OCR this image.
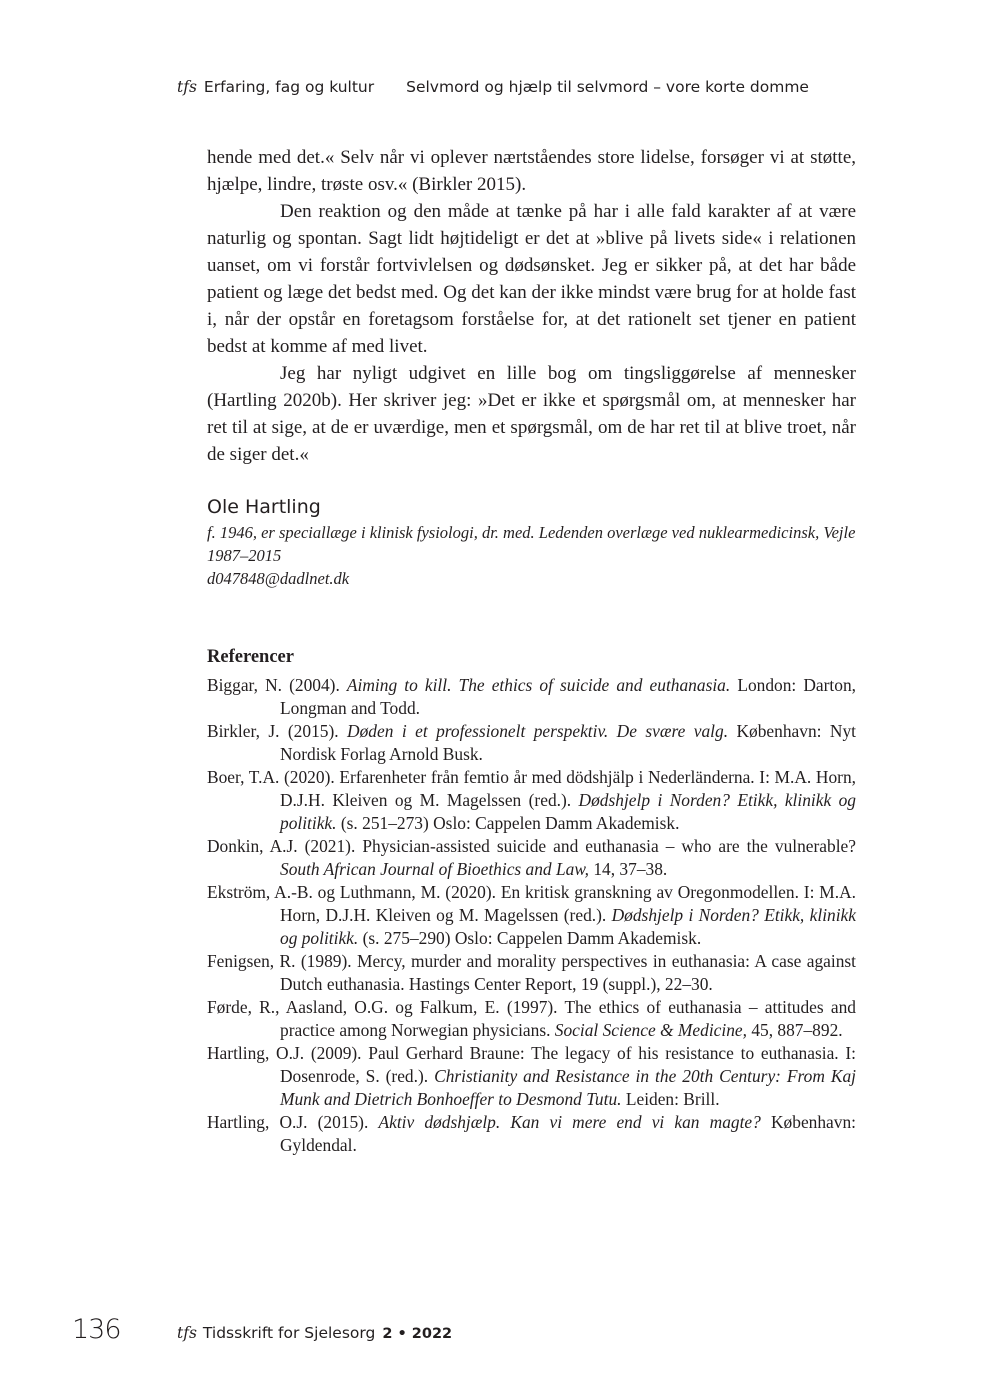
tfs Erfaring, fag og kultur Selvmord og hjælp til selvmord – vore korte domme

hende med det.« Selv når vi oplever nærtståendes store lidelse, forsøger vi at støtte, hjælpe, lindre, trøste osv.« (Birkler 2015).

Den reaktion og den måde at tænke på har i alle fald karakter af at være naturlig og spontan. Sagt lidt højtideligt er det at »blive på livets side« i relationen uanset, om vi forstår fortvivlelsen og dødsønsket. Jeg er sikker på, at det har både patient og læge det bedst med. Og det kan der ikke mindst være brug for at holde fast i, når der opstår en foretagsom forståelse for, at det rationelt set tjener en patient bedst at komme af med livet.

Jeg har nyligt udgivet en lille bog om tingsliggørelse af mennesker (Hartling 2020b). Her skriver jeg: »Det er ikke et spørgsmål om, at mennesker har ret til at sige, at de er uværdige, men et spørgsmål, om de har ret til at blive troet, når de siger det.«

Ole Hartling
f. 1946, er speciallæge i klinisk fysiologi, dr. med. Ledenden overlæge ved nuklearmedicinsk, Vejle 1987–2015
d047848@dadlnet.dk
Referencer

Biggar, N. (2004). Aiming to kill. The ethics of suicide and euthanasia. London: Darton, Longman and Todd.

Birkler, J. (2015). Døden i et professionelt perspektiv. De svære valg. København: Nyt Nordisk Forlag Arnold Busk.

Boer, T.A. (2020). Erfarenheter från femtio år med dödshjälp i Nederländerna. I: M.A. Horn, D.J.H. Kleiven og M. Magelssen (red.). Dødshjelp i Norden? Etikk, klinikk og politikk. (s. 251–273) Oslo: Cappelen Damm Akademisk.

Donkin, A.J. (2021). Physician-assisted suicide and euthanasia – who are the vulnerable? South African Journal of Bioethics and Law, 14, 37–38.

Ekström, A.-B. og Luthmann, M. (2020). En kritisk granskning av Oregonmodellen. I: M.A. Horn, D.J.H. Kleiven og M. Magelssen (red.). Dødshjelp i Norden? Etikk, klinikk og politikk. (s. 275–290) Oslo: Cappelen Damm Akademisk.

Fenigsen, R. (1989). Mercy, murder and morality perspectives in euthanasia: A case against Dutch euthanasia. Hastings Center Report, 19 (suppl.), 22–30.

Førde, R., Aasland, O.G. og Falkum, E. (1997). The ethics of euthanasia – attitudes and practice among Norwegian physicians. Social Science & Medicine, 45, 887–892.

Hartling, O.J. (2009). Paul Gerhard Braune: The legacy of his resistance to euthanasia. I: Dosenrode, S. (red.). Christianity and Resistance in the 20th Century: From Kaj Munk and Dietrich Bonhoeffer to Desmond Tutu. Leiden: Brill.

Hartling, O.J. (2015). Aktiv dødshjælp. Kan vi mere end vi kan magte? København: Gyldendal.

136	tfs Tidsskrift for Sjelesorg 2 • 2022
